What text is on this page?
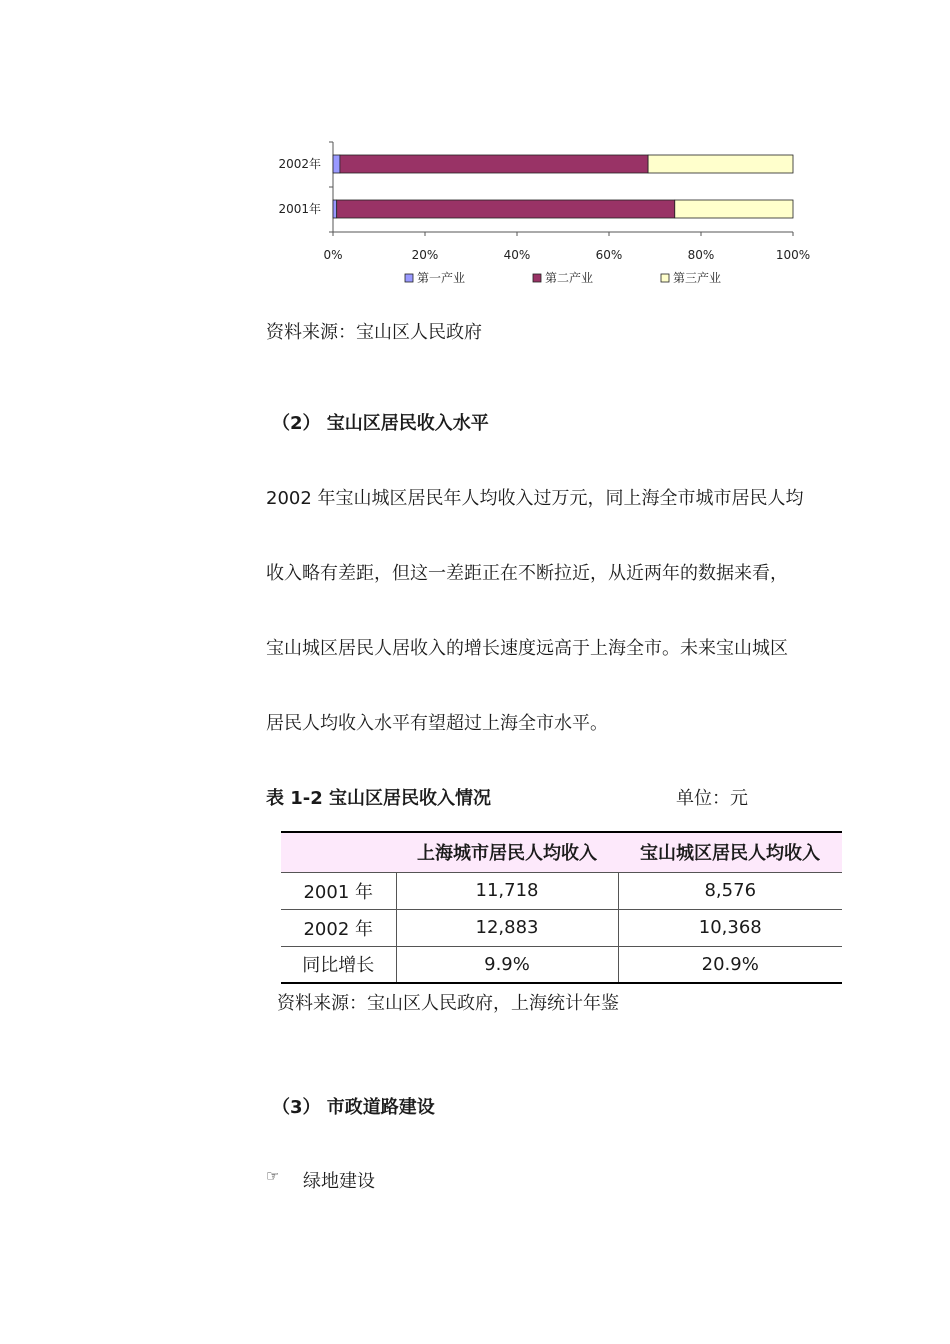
2002年
2001年
0%	20%	40%	60%	80%	100%
第一产业	第二产业	第三产业
资料来源：宝山区人民政府
（2） 宝山区居民收入水平
2002 年宝山城区居民年人均收入过万元，同上海全市城市居民人均
收入略有差距，但这一差距正在不断拉近，从近两年的数据来看，
宝山城区居民人居收入的增长速度远高于上海全市。未来宝山城区
居民人均收入水平有望超过上海全市水平。
表 1-2 宝山区居民收入情况	单位：元
	上海城市居民人均收入	宝山城区居民人均收入
2001 年	11,718	8,576
2002 年	12,883	10,368
同比增长	9.9%	20.9%
资料来源：宝山区人民政府，上海统计年鉴
（3） 市政道路建设
☞ 绿地建设
